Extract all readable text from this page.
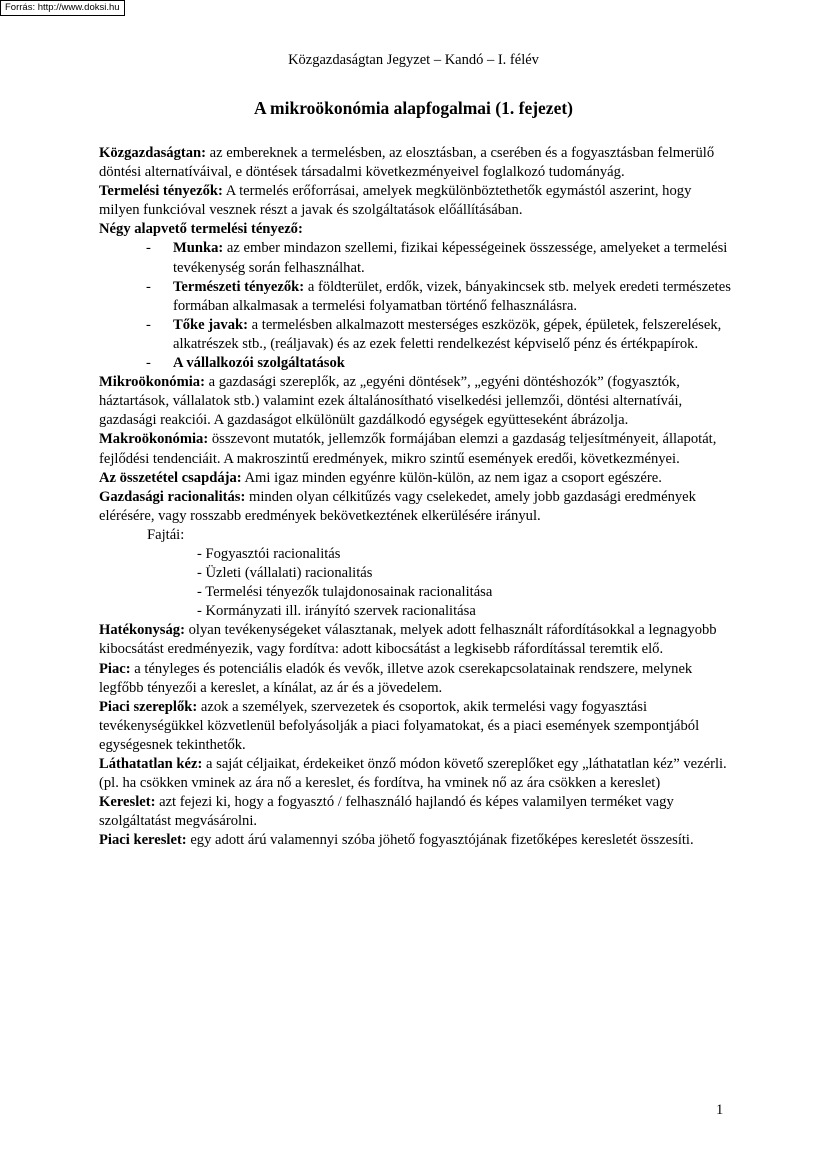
Forrás: http://www.doksi.hu
Közgazdaságtan Jegyzet – Kandó – I. félév
A mikroökonómia alapfogalmai (1. fejezet)

Közgazdaságtan: az embereknek a termelésben, az elosztásban, a cserében és a fogyasztásban felmerülő döntési alternatíváival, e döntések társadalmi következményeivel foglalkozó tudományág.

Termelési tényezők: A termelés erőforrásai, amelyek megkülönböztethetők egymástól aszerint, hogy milyen funkcióval vesznek részt a javak és szolgáltatások előállításában.

Négy alapvető termelési tényező:

- Munka: az ember mindazon szellemi, fizikai képességeinek összessége, amelyeket a termelési tevékenység során felhasználhat.

- Természeti tényezők: a földterület, erdők, vizek, bányakincsek stb. melyek eredeti természetes formában alkalmasak a termelési folyamatban történő felhasználásra.

- Tőke javak: a termelésben alkalmazott mesterséges eszközök, gépek, épületek, felszerelések, alkatrészek stb., (reáljavak) és az ezek feletti rendelkezést képviselő pénz és értékpapírok.

- A vállalkozói szolgáltatások

Mikroökonómia: a gazdasági szereplők, az „egyéni döntések”, „egyéni döntéshozók” (fogyasztók, háztartások, vállalatok stb.) valamint ezek általánosítható viselkedési jellemzői, döntési alternatívái, gazdasági reakciói. A gazdaságot elkülönült gazdálkodó egységek együtteseként ábrázolja.

Makroökonómia: összevont mutatók, jellemzők formájában elemzi a gazdaság teljesítményeit, állapotát, fejlődési tendenciáit. A makroszintű eredmények, mikro szintű események eredői, következményei.

Az összetétel csapdája: Ami igaz minden egyénre külön-külön, az nem igaz a csoport egészére.

Gazdasági racionalitás: minden olyan célkitűzés vagy cselekedet, amely jobb gazdasági eredmények elérésére, vagy rosszabb eredmények bekövetkeztének elkerülésére irányul.

Fajtái:

- Fogyasztói racionalitás

- Üzleti (vállalati) racionalitás

- Termelési tényezők tulajdonosainak racionalitása

- Kormányzati ill. irányító szervek racionalitása

Hatékonyság: olyan tevékenységeket választanak, melyek adott felhasznált ráfordításokkal a legnagyobb kibocsátást eredményezik, vagy fordítva: adott kibocsátást a legkisebb ráfordítással teremtik elő.

Piac: a tényleges és potenciális eladók és vevők, illetve azok cserekapcsolatainak rendszere, melynek legfőbb tényezői a kereslet, a kínálat, az ár és a jövedelem.

Piaci szereplők: azok a személyek, szervezetek és csoportok, akik termelési vagy fogyasztási tevékenységükkel közvetlenül befolyásolják a piaci folyamatokat, és a piaci események szempontjából egységesnek tekinthetők.

Láthatatlan kéz: a saját céljaikat, érdekeiket önző módon követő szereplőket egy „láthatatlan kéz” vezérli. (pl. ha csökken vminek az ára nő a kereslet, és fordítva, ha vminek nő az ára csökken a kereslet)

Kereslet: azt fejezi ki, hogy a fogyasztó / felhasználó hajlandó és képes valamilyen terméket vagy szolgáltatást megvásárolni.

Piaci kereslet: egy adott árú valamennyi szóba jöhető fogyasztójának fizetőképes keresletét összesíti.

1
